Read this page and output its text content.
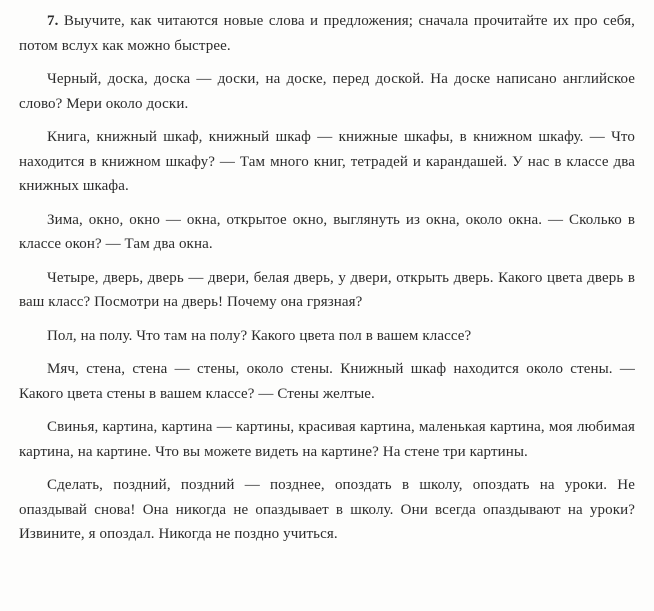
7. Выучите, как читаются новые слова и предложения; сначала прочитайте их про себя, потом вслух как можно быстрее.

Черный, доска, доска — доски, на доске, перед доской. На доске написано английское слово? Мери около доски.

Книга, книжный шкаф, книжный шкаф — книжные шкафы, в книжном шкафу. — Что находится в книжном шкафу? — Там много книг, тетрадей и карандашей. У нас в классе два книжных шкафа.

Зима, окно, окно — окна, открытое окно, выглянуть из окна, около окна. — Сколько в классе окон? — Там два окна.

Четыре, дверь, дверь — двери, белая дверь, у двери, открыть дверь. Какого цвета дверь в ваш класс? Посмотри на дверь! Почему она грязная?

Пол, на полу. Что там на полу? Какого цвета пол в вашем классе?

Мяч, стена, стена — стены, около стены. Книжный шкаф находится около стены. — Какого цвета стены в вашем классе? — Стены желтые.

Свинья, картина, картина — картины, красивая картина, маленькая картина, моя любимая картина, на картине. Что вы можете видеть на картине? На стене три картины.

Сделать, поздний, поздний — позднее, опоздать в школу, опоздать на уроки. Не опаздывай снова! Она никогда не опаздывает в школу. Они всегда опаздывают на уроки? Извините, я опоздал. Никогда не поздно учиться.
